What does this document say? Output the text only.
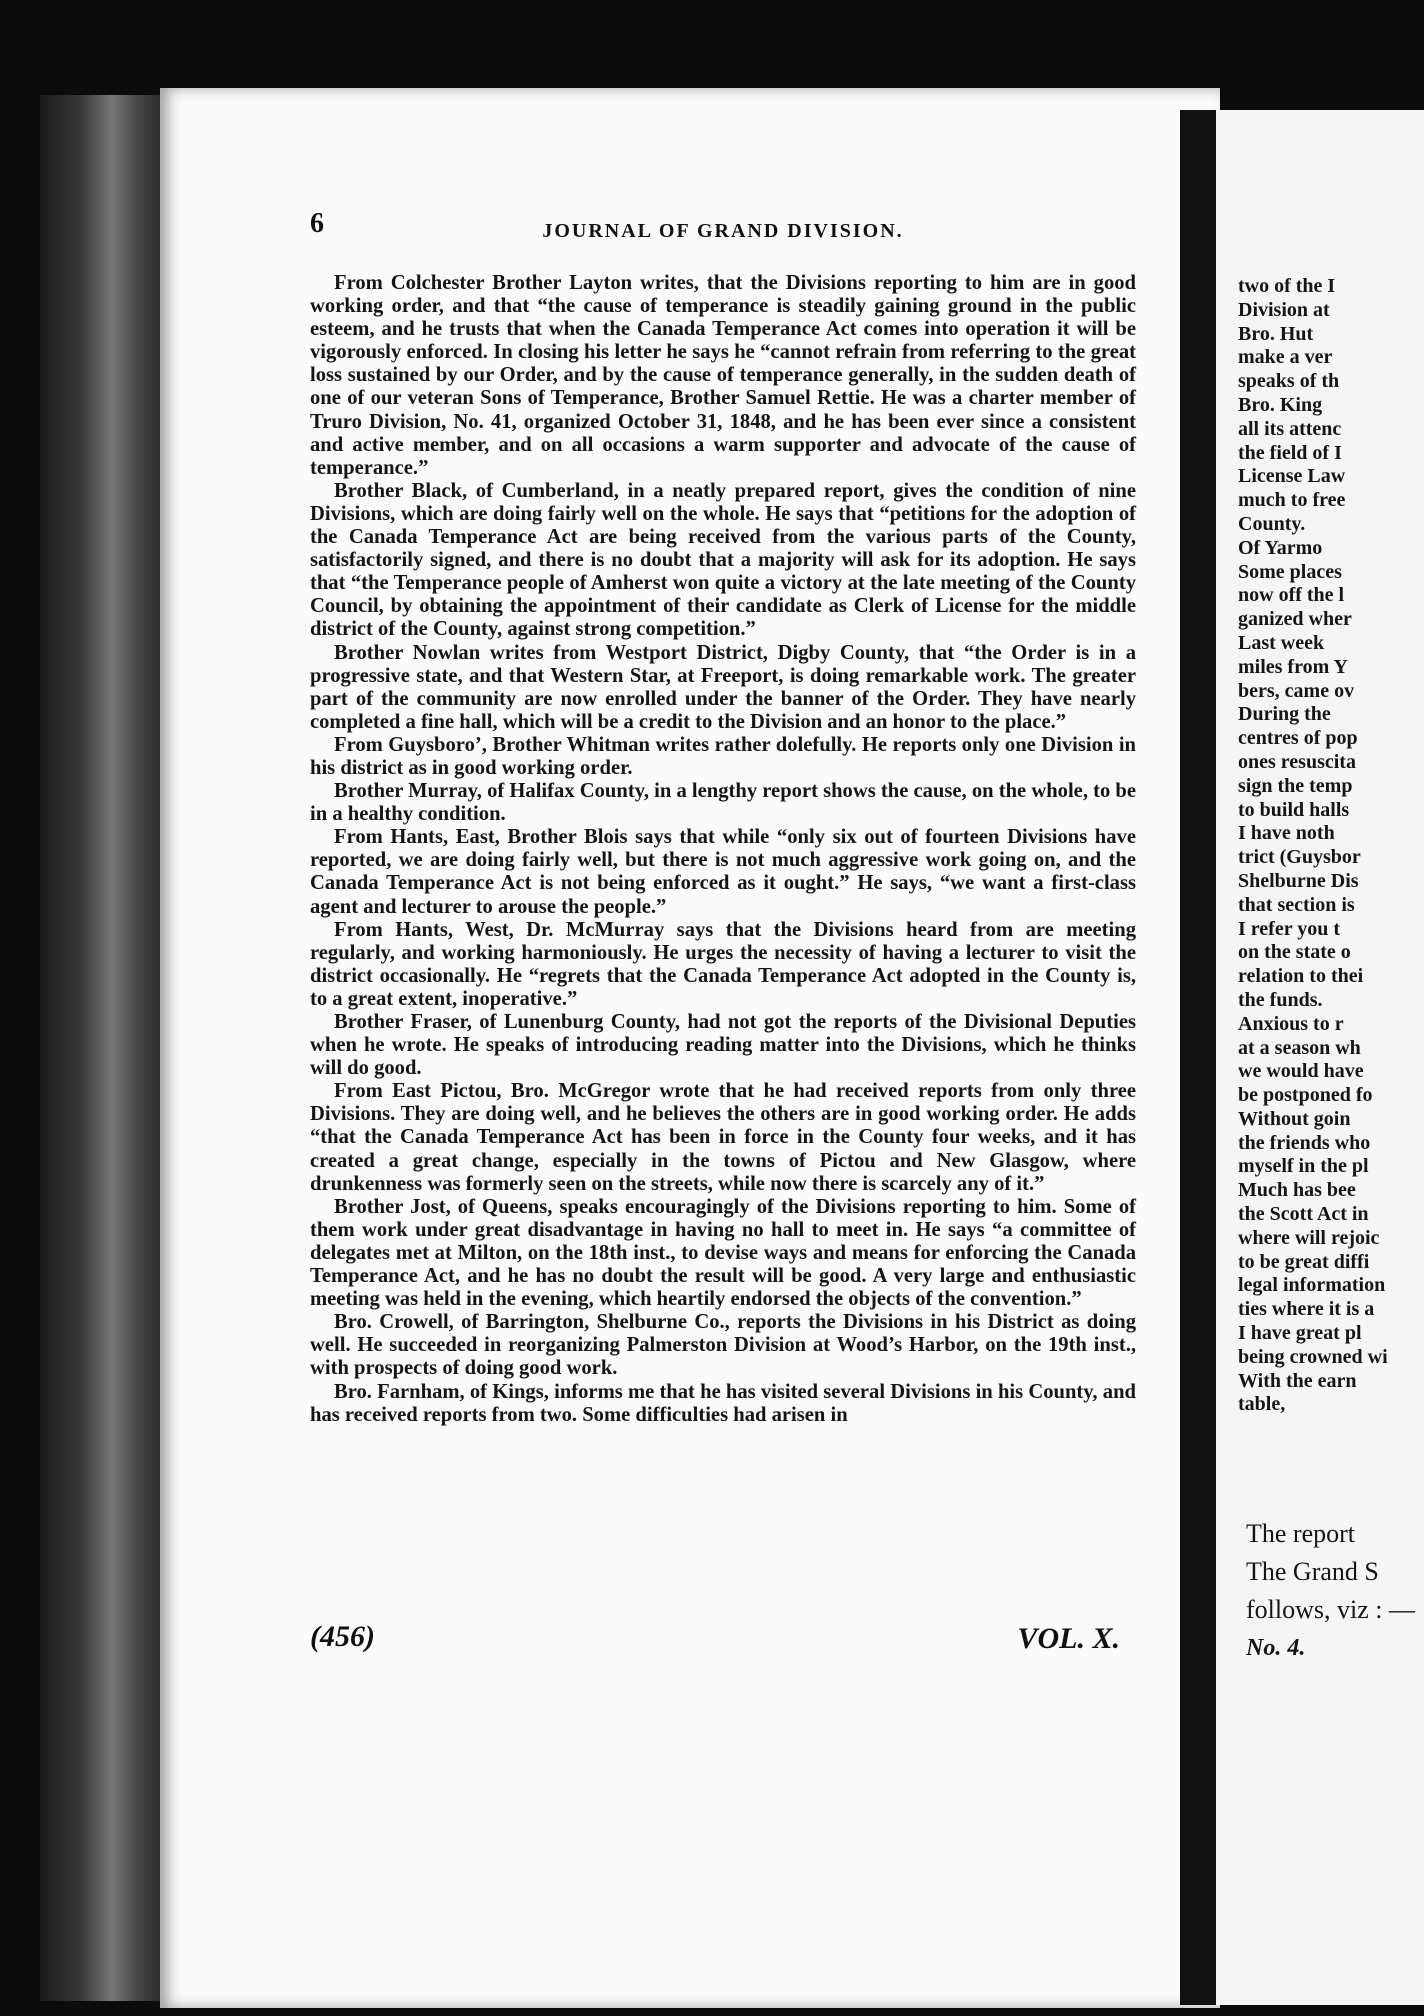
6	JOURNAL OF GRAND DIVISION.

From Colchester Brother Layton writes, that the Divisions reporting to him are in good working order, and that “the cause of temperance is steadily gaining ground in the public esteem, and he trusts that when the Canada Temperance Act comes into operation it will be vigorously enforced. In closing his letter he says he “cannot refrain from referring to the great loss sustained by our Order, and by the cause of temperance generally, in the sudden death of one of our veteran Sons of Temperance, Brother Samuel Rettie. He was a charter member of Truro Division, No. 41, organized October 31, 1848, and he has been ever since a consistent and active member, and on all occasions a warm supporter and advocate of the cause of temperance.”

Brother Black, of Cumberland, in a neatly prepared report, gives the condition of nine Divisions, which are doing fairly well on the whole. He says that “petitions for the adoption of the Canada Temperance Act are being received from the various parts of the County, satisfactorily signed, and there is no doubt that a majority will ask for its adoption. He says that “the Temperance people of Amherst won quite a victory at the late meeting of the County Council, by obtaining the appointment of their candidate as Clerk of License for the middle district of the County, against strong competition.”

Brother Nowlan writes from Westport District, Digby County, that “the Order is in a progressive state, and that Western Star, at Freeport, is doing remarkable work. The greater part of the community are now enrolled under the banner of the Order. They have nearly completed a fine hall, which will be a credit to the Division and an honor to the place.”

From Guysboro’, Brother Whitman writes rather dolefully. He reports only one Division in his district as in good working order.

Brother Murray, of Halifax County, in a lengthy report shows the cause, on the whole, to be in a healthy condition.

From Hants, East, Brother Blois says that while “only six out of fourteen Divisions have reported, we are doing fairly well, but there is not much aggressive work going on, and the Canada Temperance Act is not being enforced as it ought.” He says, “we want a first-class agent and lecturer to arouse the people.”

From Hants, West, Dr. McMurray says that the Divisions heard from are meeting regularly, and working harmoniously. He urges the necessity of having a lecturer to visit the district occasionally. He “regrets that the Canada Temperance Act adopted in the County is, to a great extent, inoperative.”

Brother Fraser, of Lunenburg County, had not got the reports of the Divisional Deputies when he wrote. He speaks of introducing reading matter into the Divisions, which he thinks will do good.

From East Pictou, Bro. McGregor wrote that he had received reports from only three Divisions. They are doing well, and he believes the others are in good working order. He adds “that the Canada Temperance Act has been in force in the County four weeks, and it has created a great change, especially in the towns of Pictou and New Glasgow, where drunkenness was formerly seen on the streets, while now there is scarcely any of it.”

Brother Jost, of Queens, speaks encouragingly of the Divisions reporting to him. Some of them work under great disadvantage in having no hall to meet in. He says “a committee of delegates met at Milton, on the 18th inst., to devise ways and means for enforcing the Canada Temperance Act, and he has no doubt the result will be good. A very large and enthusiastic meeting was held in the evening, which heartily endorsed the objects of the convention.”

Bro. Crowell, of Barrington, Shelburne Co., reports the Divisions in his District as doing well. He succeeded in reorganizing Palmerston Division at Wood’s Harbor, on the 19th inst., with prospects of doing good work.

Bro. Farnham, of Kings, informs me that he has visited several Divisions in his County, and has received reports from two. Some difficulties had arisen in

(456)	VOL. X.
two of the I
Division at
Bro. Hut
make a ver
speaks of th
Bro. King
all its attenc
the field of I
License Law
much to free
County.
Of Yarmo
Some places
now off the l
ganized wher
Last week
miles from Y
bers, came ov
During the
centres of pop
ones resuscita
sign the temp
to build halls
I have noth
trict (Guysbor
Shelburne Dis
that section is
I refer you t
on the state o
relation to thei
the funds.
Anxious to r
at a season wh
we would have
be postponed fo
Without goin
the friends who
myself in the pl
Much has bee
the Scott Act in
where will rejoic
to be great diffi
legal information
ties where it is a
I have great pl
being crowned wi
With the earn
table,
The report
The Grand S
follows, viz : —
No. 4.
